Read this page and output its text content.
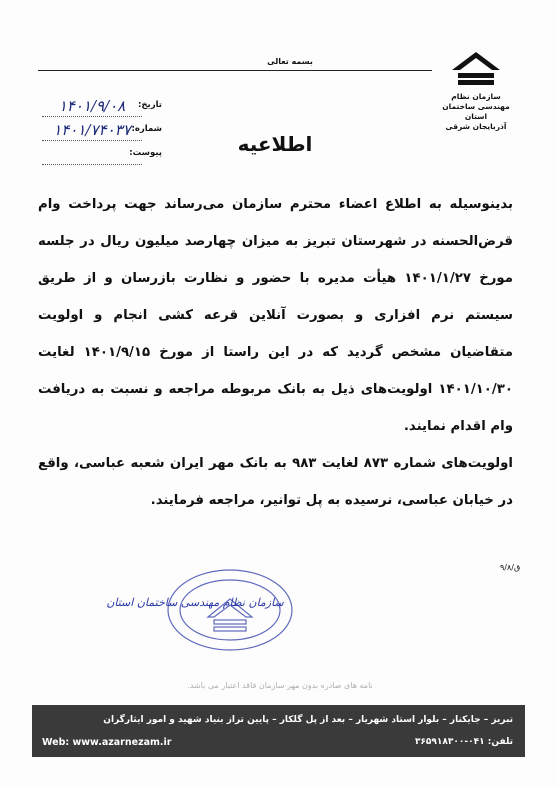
بسمه تعالی
سازمان نظام مهندسی ساختمان استان
آذربایجان شرقی
تاریخ:
۱۴۰۱/۹/۰۸
شماره:
۱۴۰۱/۷۴۰۳۷
پیوست:	اطلاعیه

بدینوسیله به اطلاع اعضاء محترم سازمان می‌رساند جهت پرداخت وام قرض‌الحسنه در شهرستان تبریز به میزان چهارصد میلیون ریال در جلسه مورخ ۱۴۰۱/۱/۲۷ هیأت مدیره با حضور و نظارت بازرسان و از طریق سیستم نرم افزاری و بصورت آنلاین قرعه کشی انجام و اولویت متقاضیان مشخص گردید که در این راستا از مورخ ۱۴۰۱/۹/۱۵ لغایت ۱۴۰۱/۱۰/۳۰ اولویت‌های ذیل به بانک مربوطه مراجعه و نسبت به دریافت وام اقدام نمایند.

اولویت‌های شماره ۸۷۳ لغایت ۹۸۳ به بانک مهر ایران شعبه عباسی، واقع در خیابان عباسی، نرسیده به پل توانیر، مراجعه فرمایند.

ق/۹/۸
سازمان نظام مهندسی ساختمان استان
نامه های صادره بدون مهر سازمان فاقد اعتبار می باشد.
تبریز – جایکنار – بلوار استاد شهریار – بعد از پل گلکار – پایین تراز بنیاد شهید و امور ایثارگران
Web: www.azarnezam.ir	تلفن: ۰۴۱-۳۶۵۹۱۸۳۰۰
